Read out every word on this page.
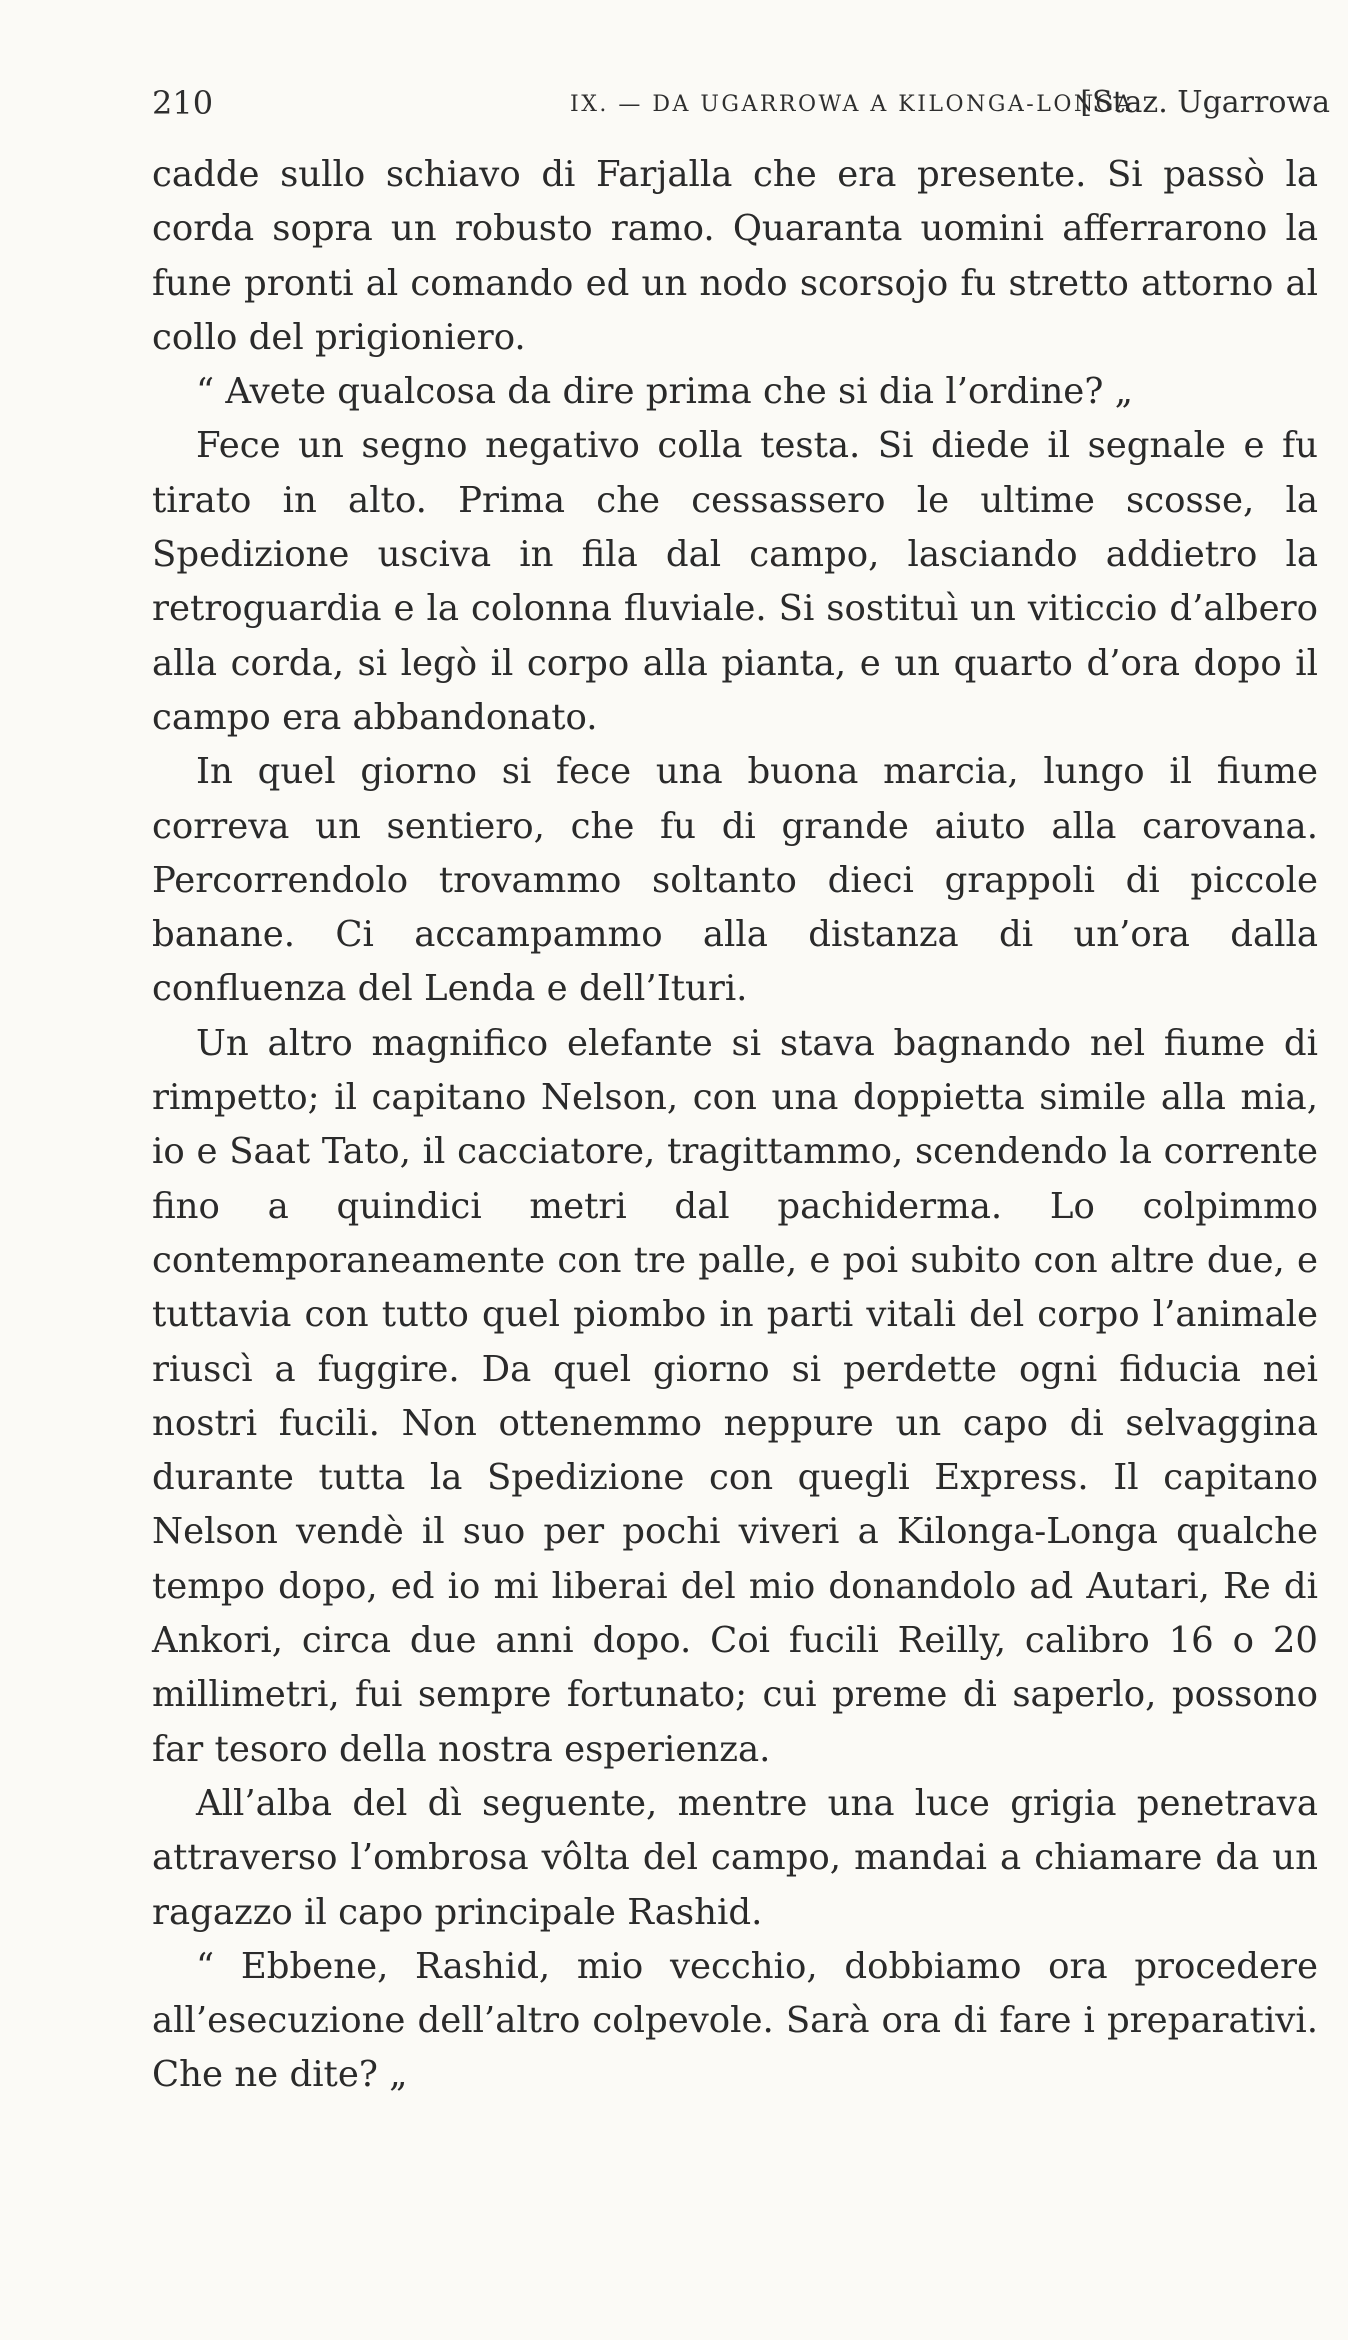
210	IX. — DA UGARROWA A KILONGA-LONGA.
[Staz. Ugarrowa

cadde sullo schiavo di Farjalla che era presente. Si passò la corda sopra un robusto ramo. Quaranta uomini afferrarono la fune pronti al comando ed un nodo scorsojo fu stretto attorno al collo del prigioniero.

“ Avete qualcosa da dire prima che si dia l’ordine? „

Fece un segno negativo colla testa. Si diede il segnale e fu tirato in alto. Prima che cessassero le ultime scosse, la Spedizione usciva in fila dal campo, lasciando addietro la retroguardia e la colonna fluviale. Si sostituì un viticcio d’albero alla corda, si legò il corpo alla pianta, e un quarto d’ora dopo il campo era abbandonato.

In quel giorno si fece una buona marcia, lungo il fiume correva un sentiero, che fu di grande aiuto alla carovana. Percorrendolo trovammo soltanto dieci grappoli di piccole banane. Ci accampammo alla distanza di un’ora dalla confluenza del Lenda e dell’Ituri.

Un altro magnifico elefante si stava bagnando nel fiume di rimpetto; il capitano Nelson, con una doppietta simile alla mia, io e Saat Tato, il cacciatore, tragittammo, scendendo la corrente fino a quindici metri dal pachiderma. Lo colpimmo contemporaneamente con tre palle, e poi subito con altre due, e tuttavia con tutto quel piombo in parti vitali del corpo l’animale riuscì a fuggire. Da quel giorno si perdette ogni fiducia nei nostri fucili. Non ottenemmo neppure un capo di selvaggina durante tutta la Spedizione con quegli Express. Il capitano Nelson vendè il suo per pochi viveri a Kilonga-Longa qualche tempo dopo, ed io mi liberai del mio donandolo ad Autari, Re di Ankori, circa due anni dopo. Coi fucili Reilly, calibro 16 o 20 millimetri, fui sempre fortunato; cui preme di saperlo, possono far tesoro della nostra esperienza.

All’alba del dì seguente, mentre una luce grigia penetrava attraverso l’ombrosa vôlta del campo, mandai a chiamare da un ragazzo il capo principale Rashid.

“ Ebbene, Rashid, mio vecchio, dobbiamo ora procedere all’esecuzione dell’altro colpevole. Sarà ora di fare i preparativi. Che ne dite? „
